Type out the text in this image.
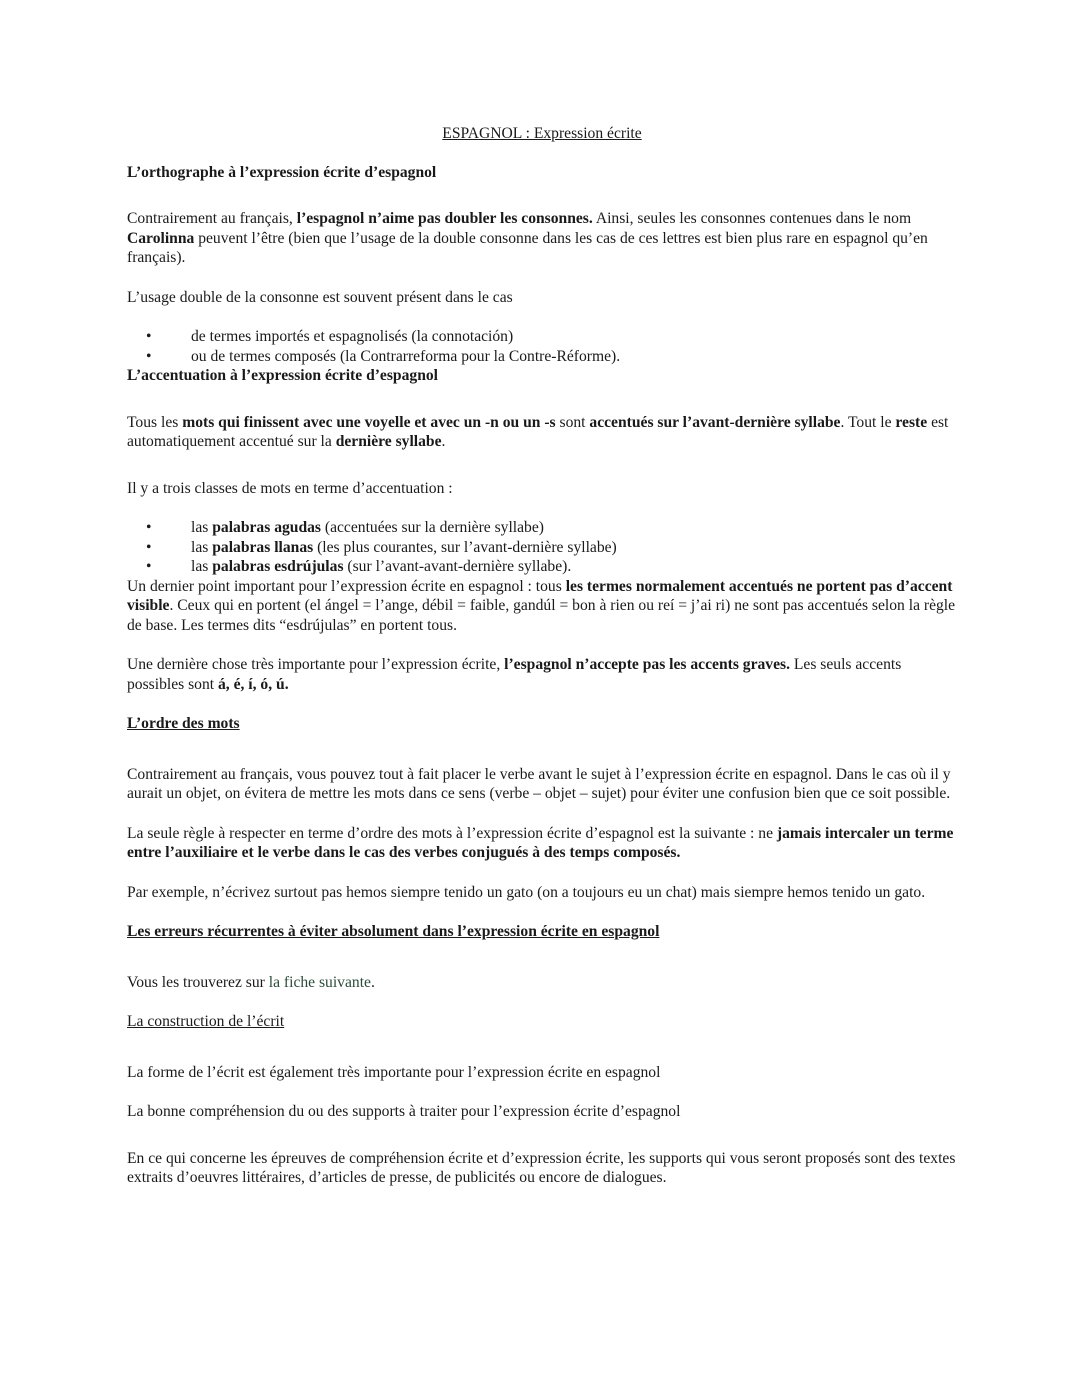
ESPAGNOL : Expression écrite

L’orthographe à l’expression écrite d’espagnol

Contrairement au français, l’espagnol n’aime pas doubler les consonnes. Ainsi, seules les consonnes contenues dans le nom Carolinna peuvent l’être (bien que l’usage de la double consonne dans les cas de ces lettres est bien plus rare en espagnol qu’en français).

L’usage double de la consonne est souvent présent dans le cas

• de termes importés et espagnolisés (la connotación)
• ou de termes composés (la Contrarreforma pour la Contre-Réforme).

L’accentuation à l’expression écrite d’espagnol

Tous les mots qui finissent avec une voyelle et avec un -n ou un -s sont accentués sur l’avant-dernière syllabe. Tout le reste est automatiquement accentué sur la dernière syllabe.

Il y a trois classes de mots en terme d’accentuation :

• las palabras agudas (accentuées sur la dernière syllabe)
• las palabras llanas (les plus courantes, sur l’avant-dernière syllabe)
• las palabras esdrújulas (sur l’avant-avant-dernière syllabe).

Un dernier point important pour l’expression écrite en espagnol : tous les termes normalement accentués ne portent pas d’accent visible. Ceux qui en portent (el ángel = l’ange, débil = faible, gandúl = bon à rien ou reí = j’ai ri) ne sont pas accentués selon la règle de base. Les termes dits “esdrújulas” en portent tous.

Une dernière chose très importante pour l’expression écrite, l’espagnol n’accepte pas les accents graves. Les seuls accents possibles sont á, é, í, ó, ú.

L’ordre des mots

Contrairement au français, vous pouvez tout à fait placer le verbe avant le sujet à l’expression écrite en espagnol. Dans le cas où il y aurait un objet, on évitera de mettre les mots dans ce sens (verbe – objet – sujet) pour éviter une confusion bien que ce soit possible.

La seule règle à respecter en terme d’ordre des mots à l’expression écrite d’espagnol est la suivante : ne jamais intercaler un terme entre l’auxiliaire et le verbe dans le cas des verbes conjugués à des temps composés.

Par exemple, n’écrivez surtout pas hemos siempre tenido un gato (on a toujours eu un chat) mais siempre hemos tenido un gato.

Les erreurs récurrentes à éviter absolument dans l’expression écrite en espagnol

Vous les trouverez sur la fiche suivante.

La construction de l’écrit

La forme de l’écrit est également très importante pour l’expression écrite en espagnol

La bonne compréhension du ou des supports à traiter pour l’expression écrite d’espagnol

En ce qui concerne les épreuves de compréhension écrite et d’expression écrite, les supports qui vous seront proposés sont des textes extraits d’oeuvres littéraires, d’articles de presse, de publicités ou encore de dialogues.
